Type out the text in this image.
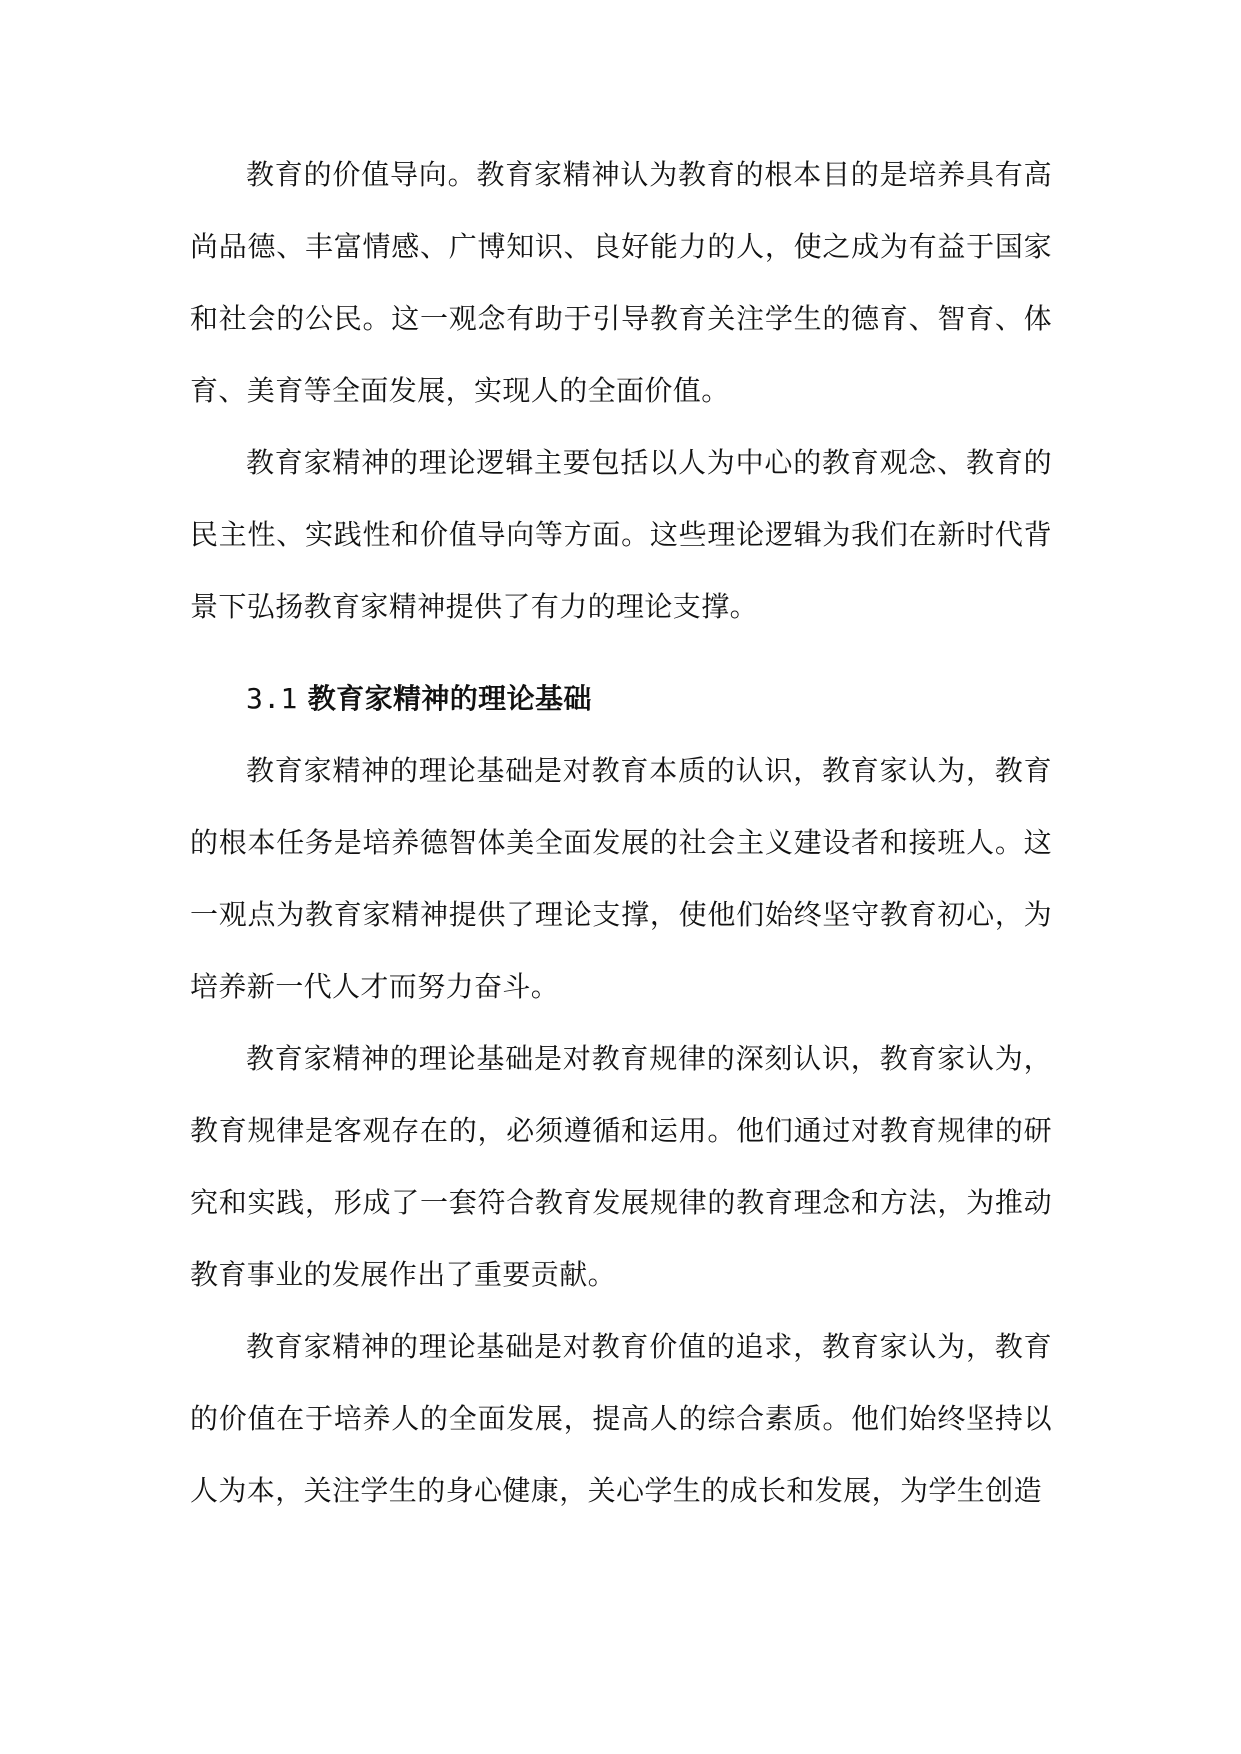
教育的价值导向。教育家精神认为教育的根本目的是培养具有高尚品德、丰富情感、广博知识、良好能力的人，使之成为有益于国家和社会的公民。这一观念有助于引导教育关注学生的德育、智育、体育、美育等全面发展，实现人的全面价值。

教育家精神的理论逻辑主要包括以人为中心的教育观念、教育的民主性、实践性和价值导向等方面。这些理论逻辑为我们在新时代背景下弘扬教育家精神提供了有力的理论支撑。

3.1 教育家精神的理论基础

教育家精神的理论基础是对教育本质的认识，教育家认为，教育的根本任务是培养德智体美全面发展的社会主义建设者和接班人。这一观点为教育家精神提供了理论支撑，使他们始终坚守教育初心，为培养新一代人才而努力奋斗。

教育家精神的理论基础是对教育规律的深刻认识，教育家认为，教育规律是客观存在的，必须遵循和运用。他们通过对教育规律的研究和实践，形成了一套符合教育发展规律的教育理念和方法，为推动教育事业的发展作出了重要贡献。

教育家精神的理论基础是对教育价值的追求，教育家认为，教育的价值在于培养人的全面发展，提高人的综合素质。他们始终坚持以人为本，关注学生的身心健康，关心学生的成长和发展，为学生创造
